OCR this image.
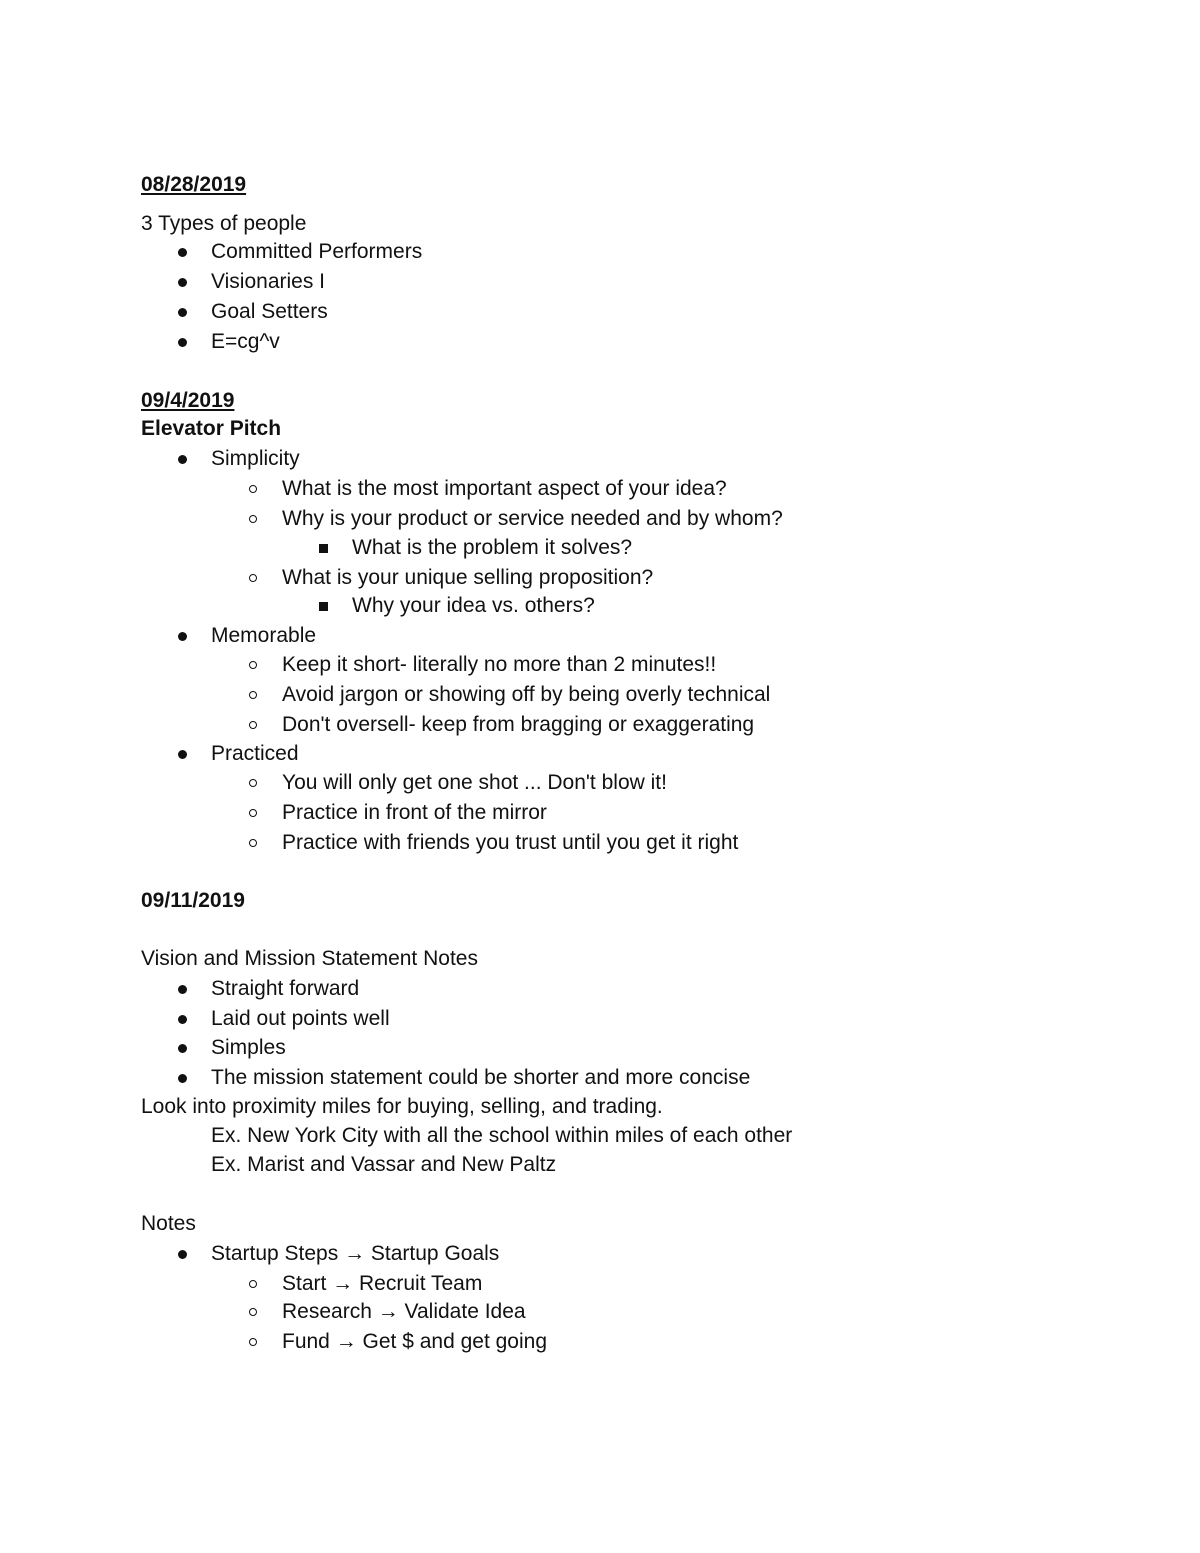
08/28/2019
3 Types of people
Committed Performers
Visionaries I
Goal Setters
E=cg^v
09/4/2019
Elevator Pitch
Simplicity
What is the most important aspect of your idea?
Why is your product or service needed and by whom?
What is the problem it solves?
What is your unique selling proposition?
Why your idea vs. others?
Memorable
Keep it short- literally no more than 2 minutes!!
Avoid jargon or showing off by being overly technical
Don't oversell- keep from bragging or exaggerating
Practiced
You will only get one shot ... Don't blow it!
Practice in front of the mirror
Practice with friends you trust until you get it right
09/11/2019
Vision and Mission Statement Notes
Straight forward
Laid out points well
Simples
The mission statement could be shorter and more concise
Look into proximity miles for buying, selling, and trading.
Ex. New York City with all the school within miles of each other
Ex. Marist and Vassar and New Paltz
Notes
Startup Steps → Startup Goals
Start → Recruit Team
Research → Validate Idea
Fund → Get $ and get going
